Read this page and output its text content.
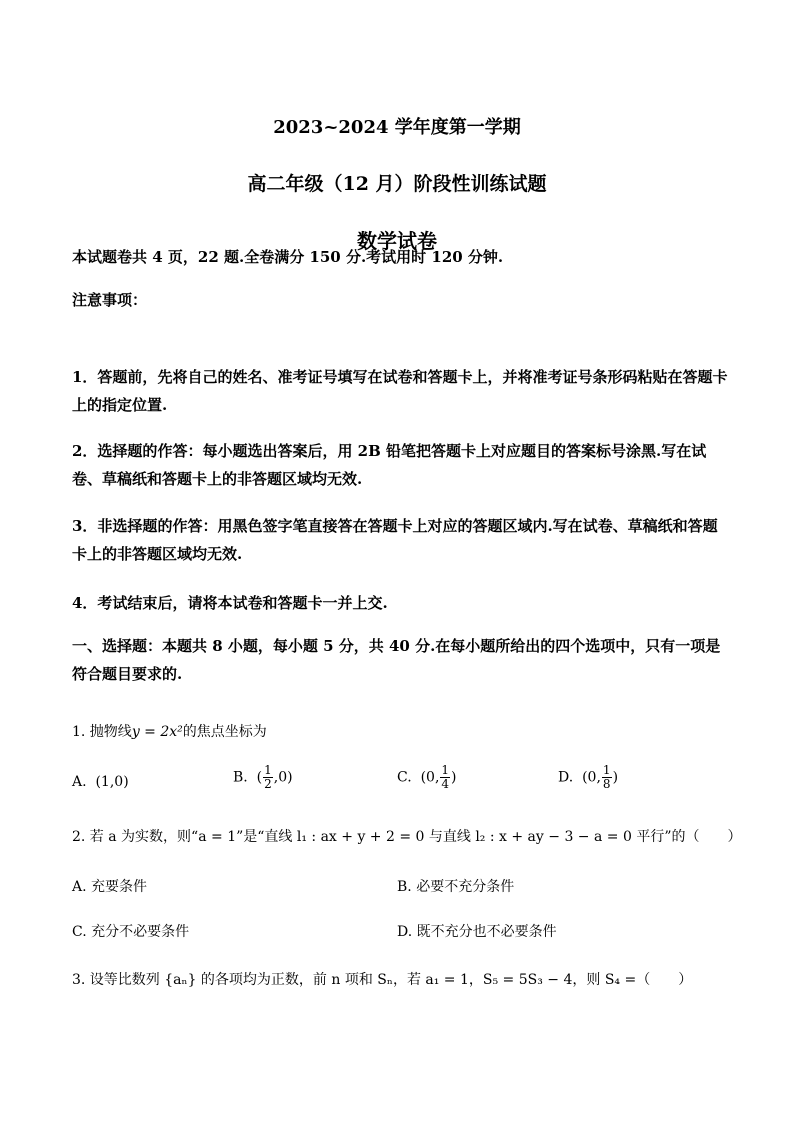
2023~2024 学年度第一学期
高二年级（12 月）阶段性训练试题
数学试卷
本试题卷共 4 页，22 题.全卷满分 150 分.考试用时 120 分钟.
注意事项：
1．答题前，先将自己的姓名、准考证号填写在试卷和答题卡上，并将准考证号条形码粘贴在答题卡上的指定位置.
2．选择题的作答：每小题选出答案后，用 2B 铅笔把答题卡上对应题目的答案标号涂黑.写在试卷、草稿纸和答题卡上的非答题区域均无效.
3．非选择题的作答：用黑色签字笔直接答在答题卡上对应的答题区域内.写在试卷、草稿纸和答题卡上的非答题区域均无效.
4．考试结束后，请将本试卷和答题卡一并上交.
一、选择题：本题共 8 小题，每小题 5 分，共 40 分.在每小题所给出的四个选项中，只有一项是符合题目要求的.
1. 抛物线y = 2x²的焦点坐标为
A. (1,0)	B. ( $\frac{1}{2} ,0$)	C. (0, $\frac{1}{4}$ )	D. (0, $\frac{1}{8}$ )
2. 若 a 为实数，则“a = 1”是“直线 l₁ : ax + y + 2 = 0 与直线 l₂ : x + ay − 3 − a = 0 平行”的（　　）
A. 充要条件	B. 必要不充分条件
C. 充分不必要条件	D. 既不充分也不必要条件
3. 设等比数列 {aₙ} 的各项均为正数，前 n 项和 Sₙ，若 a₁ = 1，S₅ = 5S₃ − 4，则 S₄ =（　　）
